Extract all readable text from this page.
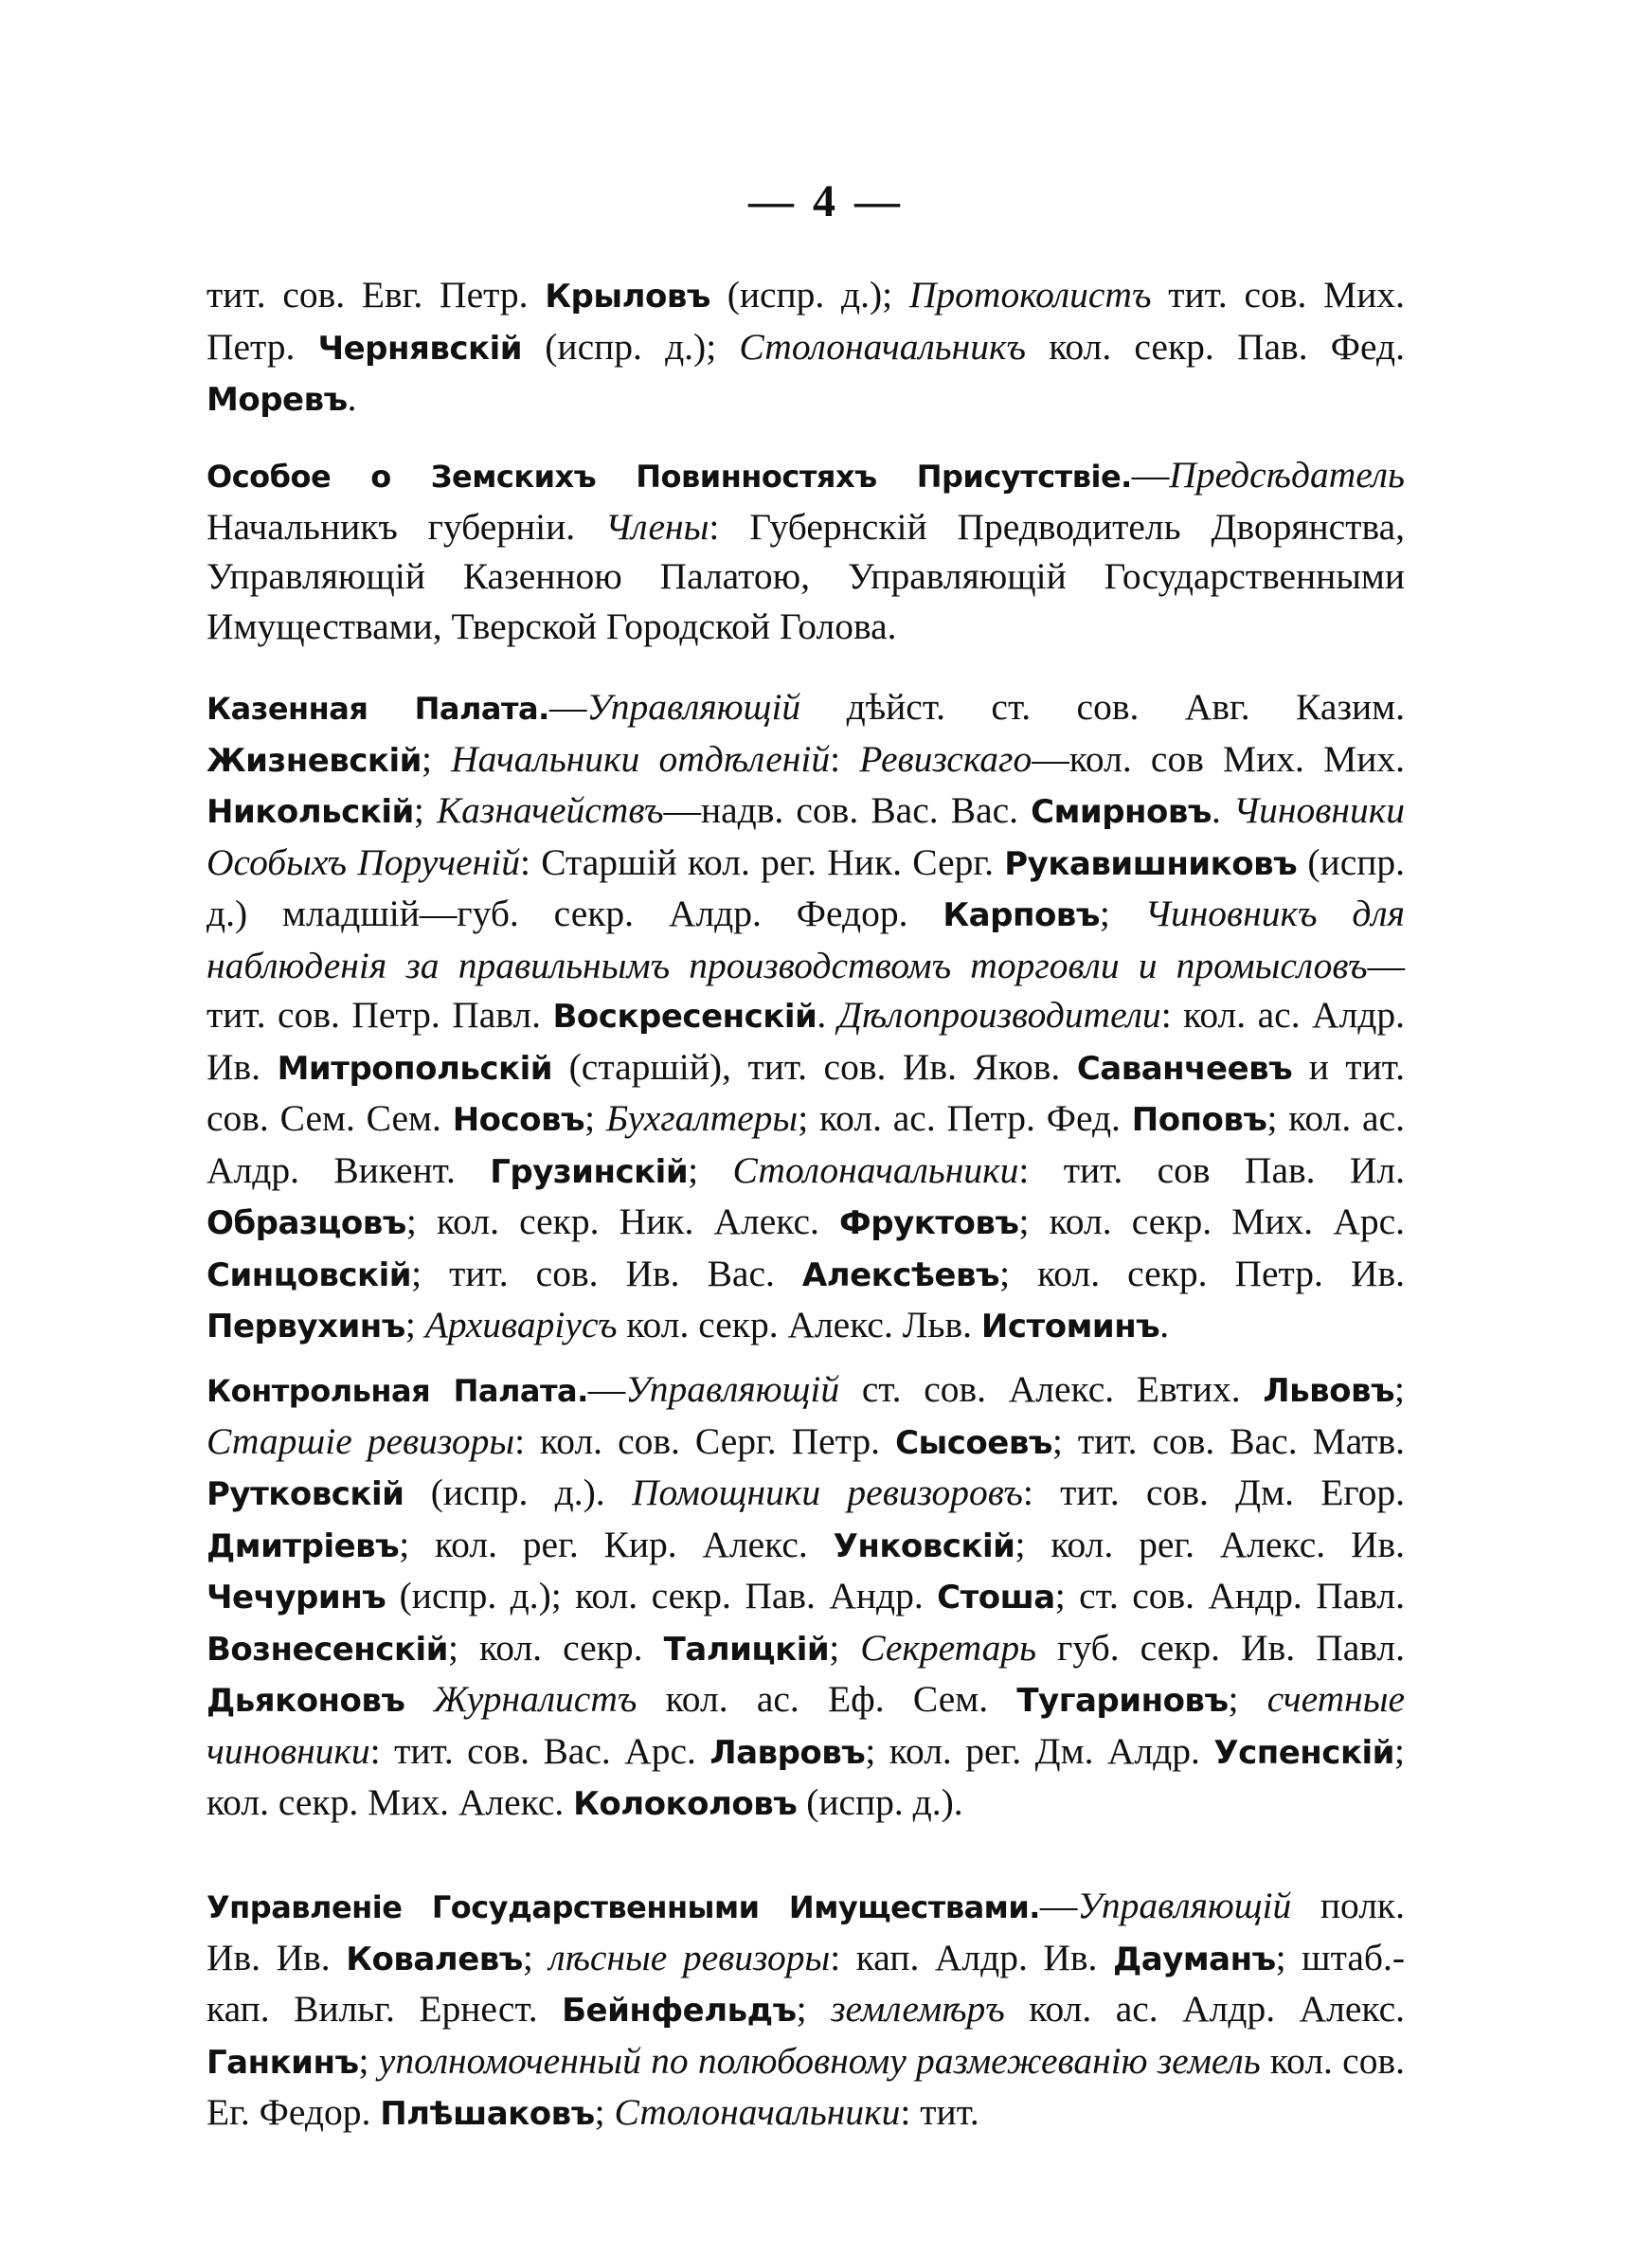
— 4 —

тит. сов. Евг. Петр. Крыловъ (испр. д.); Протоколистъ тит. сов. Мих. Петр. Чернявскій (испр. д.); Столоначальникъ кол. секр. Пав. Фед. Моревъ.

Особое о Земскихъ Повинностяхъ Присутствіе.—Предсѣдатель Начальникъ губерніи. Члены: Губернскій Предводитель Дворянства, Управляющій Казенною Палатою, Управляющій Государственными Имуществами, Тверской Городской Голова.

Казенная Палата.—Управляющій дѣйст. ст. сов. Авг. Казим. Жизневскій; Начальники отдѣленій: Ревизскаго—кол. сов Мих. Мих. Никольскій; Казначействъ—надв. сов. Вас. Вас. Смирновъ. Чиновники Особыхъ Порученій: Старшій кол. рег. Ник. Серг. Рукавишниковъ (испр. д.) младшій—губ. секр. Алдр. Федор. Карповъ; Чиновникъ для наблюденія за правильнымъ производствомъ торговли и промысловъ—тит. сов. Петр. Павл. Воскресенскій. Дѣлопроизводители: кол. ас. Алдр. Ив. Митропольскій (старшій), тит. сов. Ив. Яков. Саванчеевъ и тит. сов. Сем. Сем. Носовъ; Бухгалтеры; кол. ас. Петр. Фед. Поповъ; кол. ас. Алдр. Викент. Грузинскій; Столоначальники: тит. сов Пав. Ил. Образцовъ; кол. секр. Ник. Алекс. Фруктовъ; кол. секр. Мих. Арс. Синцовскій; тит. сов. Ив. Вас. Алексѣевъ; кол. секр. Петр. Ив. Первухинъ; Архиваріусъ кол. секр. Алекс. Льв. Истоминъ.

Контрольная Палата.—Управляющій ст. сов. Алекс. Евтих. Львовъ; Старшіе ревизоры: кол. сов. Серг. Петр. Сысоевъ; тит. сов. Вас. Матв. Рутковскій (испр. д.). Помощники ревизоровъ: тит. сов. Дм. Егор. Дмитріевъ; кол. рег. Кир. Алекс. Унковскій; кол. рег. Алекс. Ив. Чечуринъ (испр. д.); кол. секр. Пав. Андр. Стоша; ст. сов. Андр. Павл. Вознесенскій; кол. секр. Талицкій; Секретарь губ. секр. Ив. Павл. Дьяконовъ Журналистъ кол. ас. Еф. Сем. Тугариновъ; счетные чиновники: тит. сов. Вас. Арс. Лавровъ; кол. рег. Дм. Алдр. Успенскій; кол. секр. Мих. Алекс. Колоколовъ (испр. д.).

Управленіе Государственными Имуществами.—Управляющій полк. Ив. Ив. Ковалевъ; лѣсные ревизоры: кап. Алдр. Ив. Дауманъ; штаб.-кап. Вильг. Ернест. Бейнфельдъ; землемѣръ кол. ас. Алдр. Алекс. Ганкинъ; уполномоченный по полюбовному размежеванію земель кол. сов. Ег. Федор. Плѣшаковъ; Столоначальники: тит.
